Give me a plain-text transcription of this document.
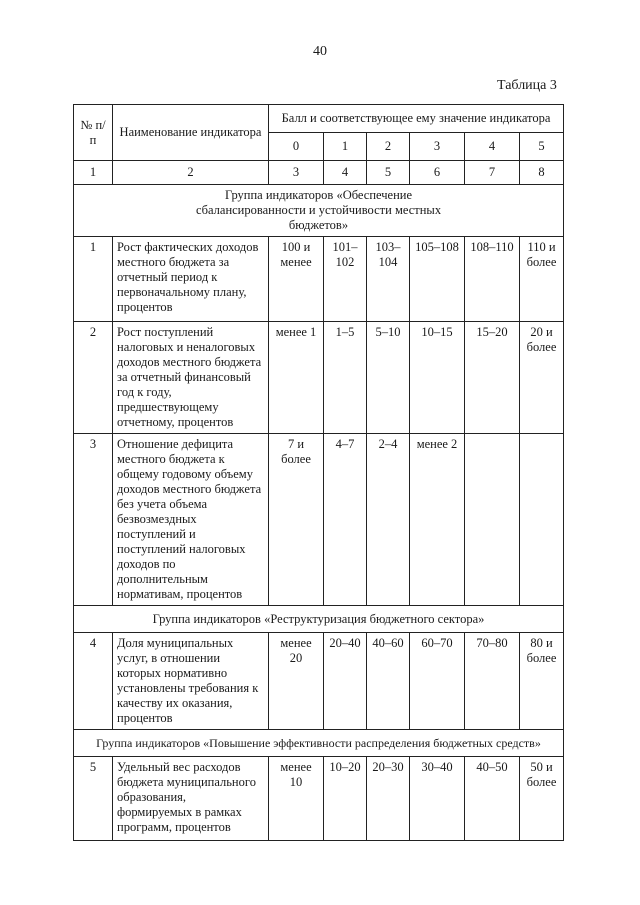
40
Таблица 3
№ п/п	Наименование индикатора	Балл и соответствующее ему значение индикатора					
		0	1	2	3	4	5
1	2	3	4	5	6	7	8
Группа индикаторов «Обеспечение сбалансированности и устойчивости местных бюджетов»							
1	Рост фактических доходов местного бюджета за отчетный период к первоначальному плану, процентов	100 и менее	101–102	103–104	105–108	108–110	110 и более
2	Рост поступлений налоговых и неналоговых доходов местного бюджета за отчетный финансовый год к году, предшествующему отчетному, процентов	менее 1	1–5	5–10	10–15	15–20	20 и более
3	Отношение дефицита местного бюджета к общему годовому объему доходов местного бюджета без учета объема безвозмездных поступлений и поступлений налоговых доходов по дополнительным нормативам, процентов	7 и более	4–7	2–4	менее 2		
Группа индикаторов «Реструктуризация бюджетного сектора»							
4	Доля муниципальных услуг, в отношении которых нормативно установлены требования к качеству их оказания, процентов	менее 20	20–40	40–60	60–70	70–80	80 и более
Группа индикаторов «Повышение эффективности распределения бюджетных средств»							
5	Удельный вес расходов бюджета муниципального образования, формируемых в рамках программ, процентов	менее 10	10–20	20–30	30–40	40–50	50 и более
